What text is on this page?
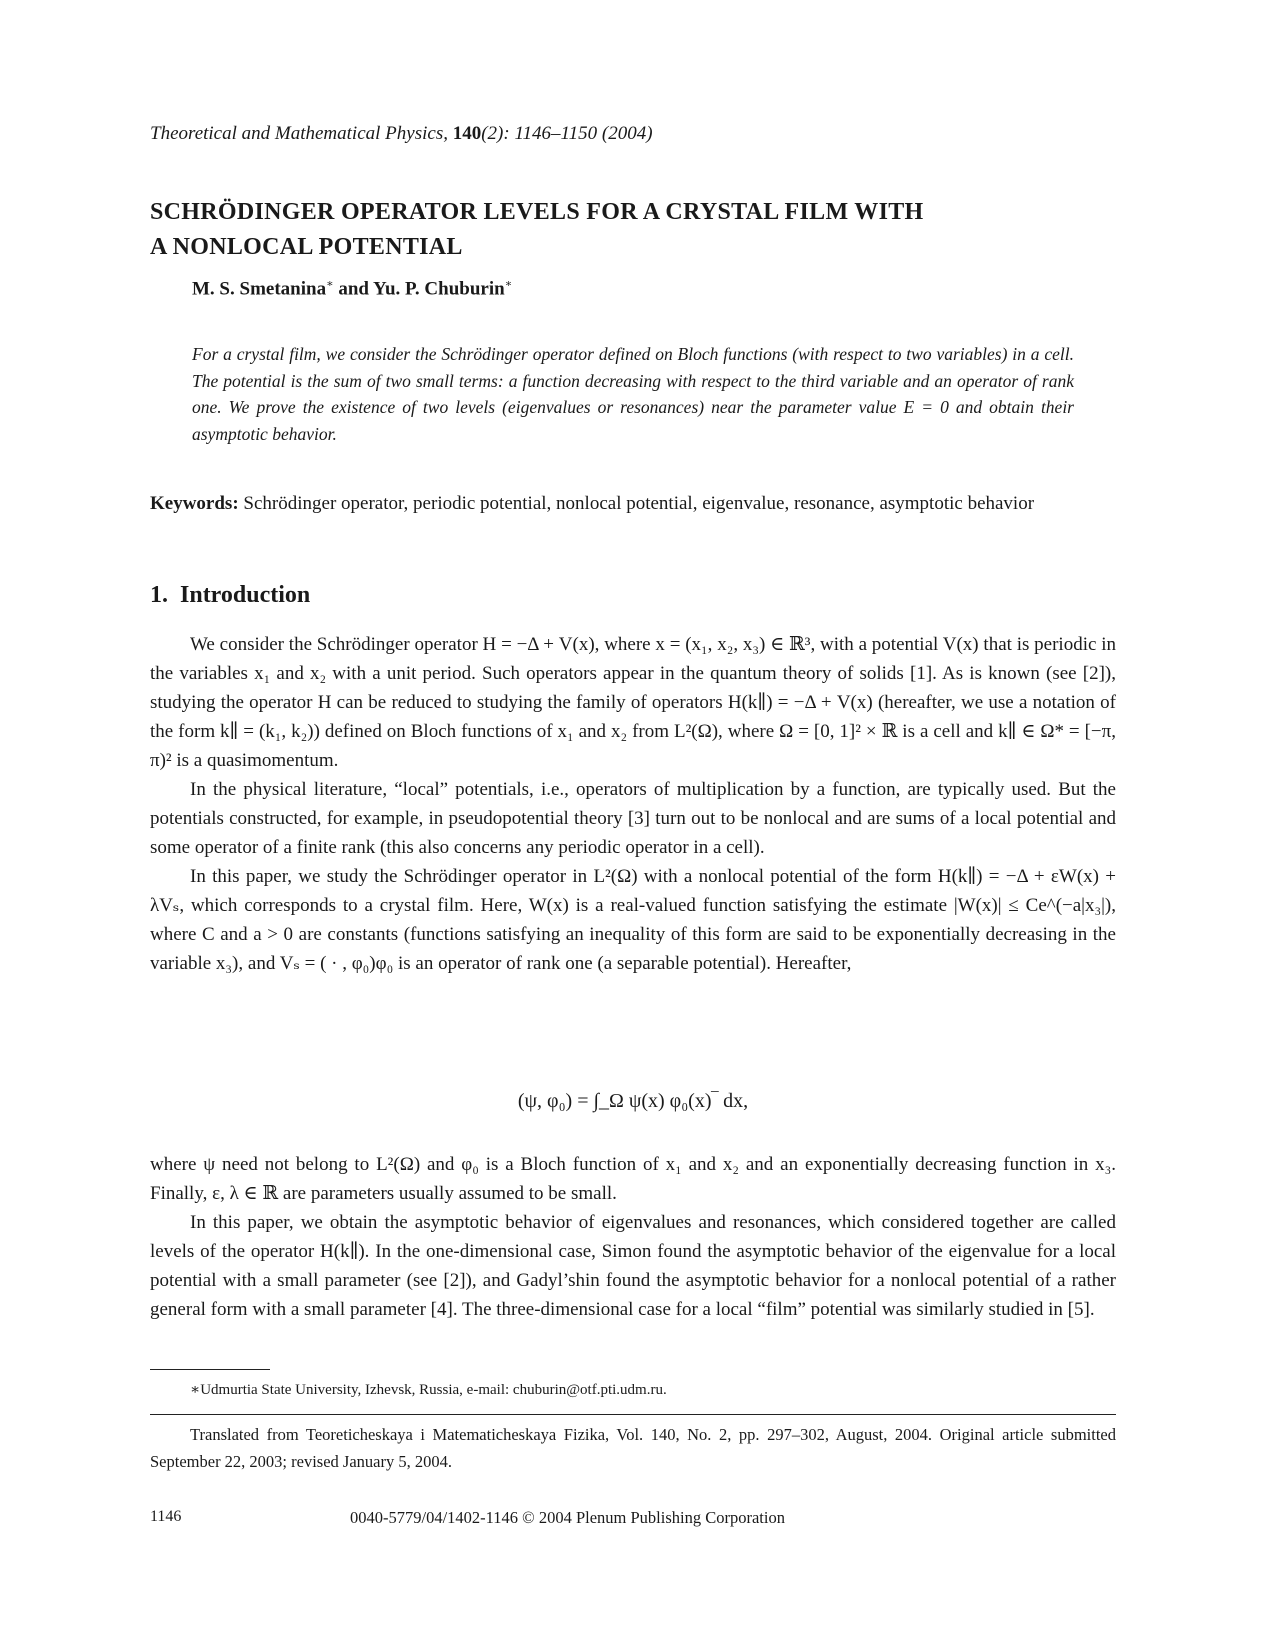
Theoretical and Mathematical Physics, 140(2): 1146–1150 (2004)
SCHRÖDINGER OPERATOR LEVELS FOR A CRYSTAL FILM WITH
A NONLOCAL POTENTIAL
M. S. Smetanina∗ and Yu. P. Chuburin∗
For a crystal film, we consider the Schrödinger operator defined on Bloch functions (with respect to two variables) in a cell. The potential is the sum of two small terms: a function decreasing with respect to the third variable and an operator of rank one. We prove the existence of two levels (eigenvalues or resonances) near the parameter value E = 0 and obtain their asymptotic behavior.
Keywords: Schrödinger operator, periodic potential, nonlocal potential, eigenvalue, resonance, asymptotic behavior
1. Introduction

We consider the Schrödinger operator H = −Δ + V(x), where x = (x₁, x₂, x₃) ∈ ℝ³, with a potential V(x) that is periodic in the variables x₁ and x₂ with a unit period. Such operators appear in the quantum theory of solids [1]. As is known (see [2]), studying the operator H can be reduced to studying the family of operators H(k∥) = −Δ + V(x) (hereafter, we use a notation of the form k∥ = (k₁, k₂)) defined on Bloch functions of x₁ and x₂ from L²(Ω), where Ω = [0, 1]² × ℝ is a cell and k∥ ∈ Ω* = [−π, π)² is a quasimomentum.

In the physical literature, “local” potentials, i.e., operators of multiplication by a function, are typically used. But the potentials constructed, for example, in pseudopotential theory [3] turn out to be nonlocal and are sums of a local potential and some operator of a finite rank (this also concerns any periodic operator in a cell).

In this paper, we study the Schrödinger operator in L²(Ω) with a nonlocal potential of the form H(k∥) = −Δ + εW(x) + λVₛ, which corresponds to a crystal film. Here, W(x) is a real-valued function satisfying the estimate |W(x)| ≤ Ce^(−a|x₃|), where C and a > 0 are constants (functions satisfying an inequality of this form are said to be exponentially decreasing in the variable x₃), and Vₛ = ( · , φ₀)φ₀ is an operator of rank one (a separable potential). Hereafter,

(ψ, φ₀) = ∫_Ω ψ(x) φ₀(x)‾ dx,

where ψ need not belong to L²(Ω) and φ₀ is a Bloch function of x₁ and x₂ and an exponentially decreasing function in x₃. Finally, ε, λ ∈ ℝ are parameters usually assumed to be small.

In this paper, we obtain the asymptotic behavior of eigenvalues and resonances, which considered together are called levels of the operator H(k∥). In the one-dimensional case, Simon found the asymptotic behavior of the eigenvalue for a local potential with a small parameter (see [2]), and Gadyl’shin found the asymptotic behavior for a nonlocal potential of a rather general form with a small parameter [4]. The three-dimensional case for a local “film” potential was similarly studied in [5].

∗Udmurtia State University, Izhevsk, Russia, e-mail: chuburin@otf.pti.udm.ru.
Translated from Teoreticheskaya i Matematicheskaya Fizika, Vol. 140, No. 2, pp. 297–302, August, 2004. Original article submitted September 22, 2003; revised January 5, 2004.
1146	0040-5779/04/1402-1146 © 2004 Plenum Publishing Corporation
